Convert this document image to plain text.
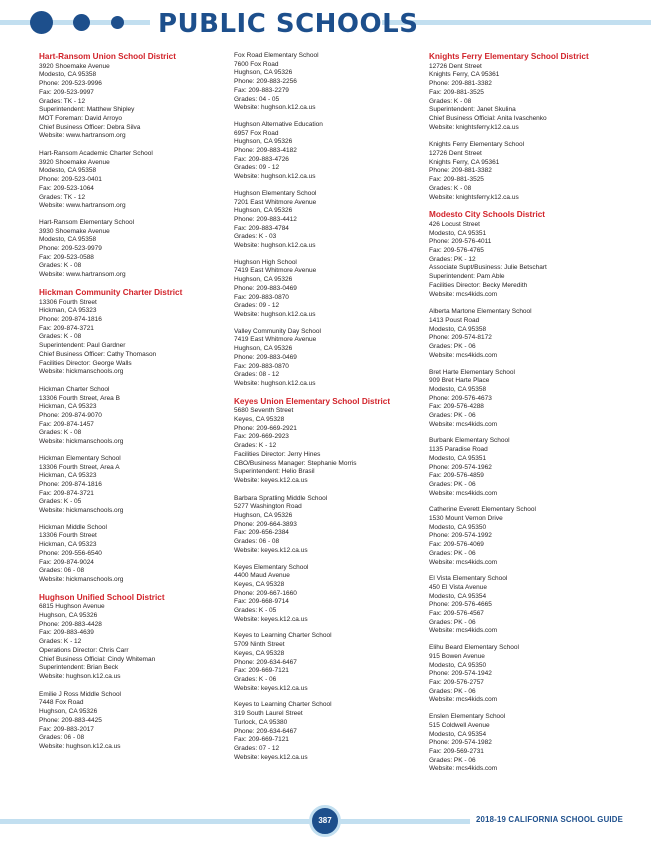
PUBLIC SCHOOLS
Hart-Ransom Union School District
3920 Shoemake Avenue
Modesto, CA 95358
Phone: 209-523-9996
Fax: 209-523-9997
Grades: TK - 12
Superintendent: Matthew Shipley
MOT Foreman: David Arroyo
Chief Business Officer: Debra Silva
Website: www.hartransom.org
Hart-Ransom Academic Charter School
3920 Shoemake Avenue
Modesto, CA 95358
Phone: 209-523-0401
Fax: 209-523-1064
Grades: TK - 12
Website: www.hartransom.org
Hart-Ransom Elementary School
3930 Shoemake Avenue
Modesto, CA 95358
Phone: 209-523-9979
Fax: 209-523-0588
Grades: K - 08
Website: www.hartransom.org
Hickman Community Charter District
13306 Fourth Street
Hickman, CA 95323
Phone: 209-874-1816
Fax: 209-874-3721
Grades: K - 08
Superintendent: Paul Gardner
Chief Business Officer: Cathy Thomason
Facilities Director: George Walls
Website: hickmanschools.org
Hickman Charter School
13306 Fourth Street, Area B
Hickman, CA 95323
Phone: 209-874-9070
Fax: 209-874-1457
Grades: K - 08
Website: hickmanschools.org
Hickman Elementary School
13306 Fourth Street, Area A
Hickman, CA 95323
Phone: 209-874-1816
Fax: 209-874-3721
Grades: K - 05
Website: hickmanschools.org
Hickman Middle School
13306 Fourth Street
Hickman, CA 95323
Phone: 209-556-6540
Fax: 209-874-9024
Grades: 06 - 08
Website: hickmanschools.org
Hughson Unified School District
6815 Hughson Avenue
Hughson, CA 95326
Phone: 209-883-4428
Fax: 209-883-4639
Grades: K - 12
Operations Director: Chris Carr
Chief Business Official: Cindy Whiteman
Superintendent: Brian Beck
Website: hughson.k12.ca.us
Emilie J Ross Middle School
7448 Fox Road
Hughson, CA 95326
Phone: 209-883-4425
Fax: 209-883-2017
Grades: 06 - 08
Website: hughson.k12.ca.us
Fox Road Elementary School
7600 Fox Road
Hughson, CA 95326
Phone: 209-883-2256
Fax: 209-883-2279
Grades: 04 - 05
Website: hughson.k12.ca.us
Hughson Alternative Education
6957 Fox Road
Hughson, CA 95326
Phone: 209-883-4182
Fax: 209-883-4726
Grades: 09 - 12
Website: hughson.k12.ca.us
Hughson Elementary School
7201 East Whitmore Avenue
Hughson, CA 95326
Phone: 209-883-4412
Fax: 209-883-4784
Grades: K - 03
Website: hughson.k12.ca.us
Hughson High School
7419 East Whitmore Avenue
Hughson, CA 95326
Phone: 209-883-0469
Fax: 209-883-0870
Grades: 09 - 12
Website: hughson.k12.ca.us
Valley Community Day School
7419 East Whitmore Avenue
Hughson, CA 95326
Phone: 209-883-0469
Fax: 209-883-0870
Grades: 08 - 12
Website: hughson.k12.ca.us
Keyes Union Elementary School District
5680 Seventh Street
Keyes, CA 95328
Phone: 209-669-2921
Fax: 209-669-2923
Grades: K - 12
Facilities Director: Jerry Hines
CBO/Business Manager: Stephanie Morris
Superintendent: Helio Brasil
Website: keyes.k12.ca.us
Barbara Spratling Middle School
5277 Washington Road
Hughson, CA 95326
Phone: 209-664-3893
Fax: 209-656-2384
Grades: 06 - 08
Website: keyes.k12.ca.us
Keyes Elementary School
4400 Maud Avenue
Keyes, CA 95328
Phone: 209-667-1660
Fax: 209-668-9714
Grades: K - 05
Website: keyes.k12.ca.us
Keyes to Learning Charter School
5709 Ninth Street
Keyes, CA 95328
Phone: 209-634-6467
Fax: 209-669-7121
Grades: K - 06
Website: keyes.k12.ca.us
Keyes to Learning Charter School
319 South Laurel Street
Turlock, CA 95380
Phone: 209-634-6467
Fax: 209-669-7121
Grades: 07 - 12
Website: keyes.k12.ca.us
Knights Ferry Elementary School District
12726 Dent Street
Knights Ferry, CA 95361
Phone: 209-881-3382
Fax: 209-881-3525
Grades: K - 08
Superintendent: Janet Skulina
Chief Business Official: Anita Ivaschenko
Website: knightsferry.k12.ca.us
Knights Ferry Elementary School
12726 Dent Street
Knights Ferry, CA 95361
Phone: 209-881-3382
Fax: 209-881-3525
Grades: K - 08
Website: knightsferry.k12.ca.us
Modesto City Schools District
426 Locust Street
Modesto, CA 95351
Phone: 209-576-4011
Fax: 209-576-4765
Grades: PK - 12
Associate Supt/Business: Julie Betschart
Superintendent: Pam Able
Facilities Director: Becky Meredith
Website: mcs4kids.com
Alberta Martone Elementary School
1413 Poust Road
Modesto, CA 95358
Phone: 209-574-8172
Grades: PK - 06
Website: mcs4kids.com
Bret Harte Elementary School
909 Bret Harte Place
Modesto, CA 95358
Phone: 209-576-4673
Fax: 209-576-4288
Grades: PK - 06
Website: mcs4kids.com
Burbank Elementary School
1135 Paradise Road
Modesto, CA 95351
Phone: 209-574-1962
Fax: 209-576-4859
Grades: PK - 06
Website: mcs4kids.com
Catherine Everett Elementary School
1530 Mount Vernon Drive
Modesto, CA 95350
Phone: 209-574-1992
Fax: 209-576-4069
Grades: PK - 06
Website: mcs4kids.com
El Vista Elementary School
450 El Vista Avenue
Modesto, CA 95354
Phone: 209-576-4665
Fax: 209-576-4567
Grades: PK - 06
Website: mcs4kids.com
Elihu Beard Elementary School
915 Bowen Avenue
Modesto, CA 95350
Phone: 209-574-1942
Fax: 209-576-2757
Grades: PK - 06
Website: mcs4kids.com
Enslen Elementary School
515 Coldwell Avenue
Modesto, CA 95354
Phone: 209-574-1982
Fax: 209-569-2731
Grades: PK - 06
Website: mcs4kids.com
387	2018-19 CALIFORNIA SCHOOL GUIDE
